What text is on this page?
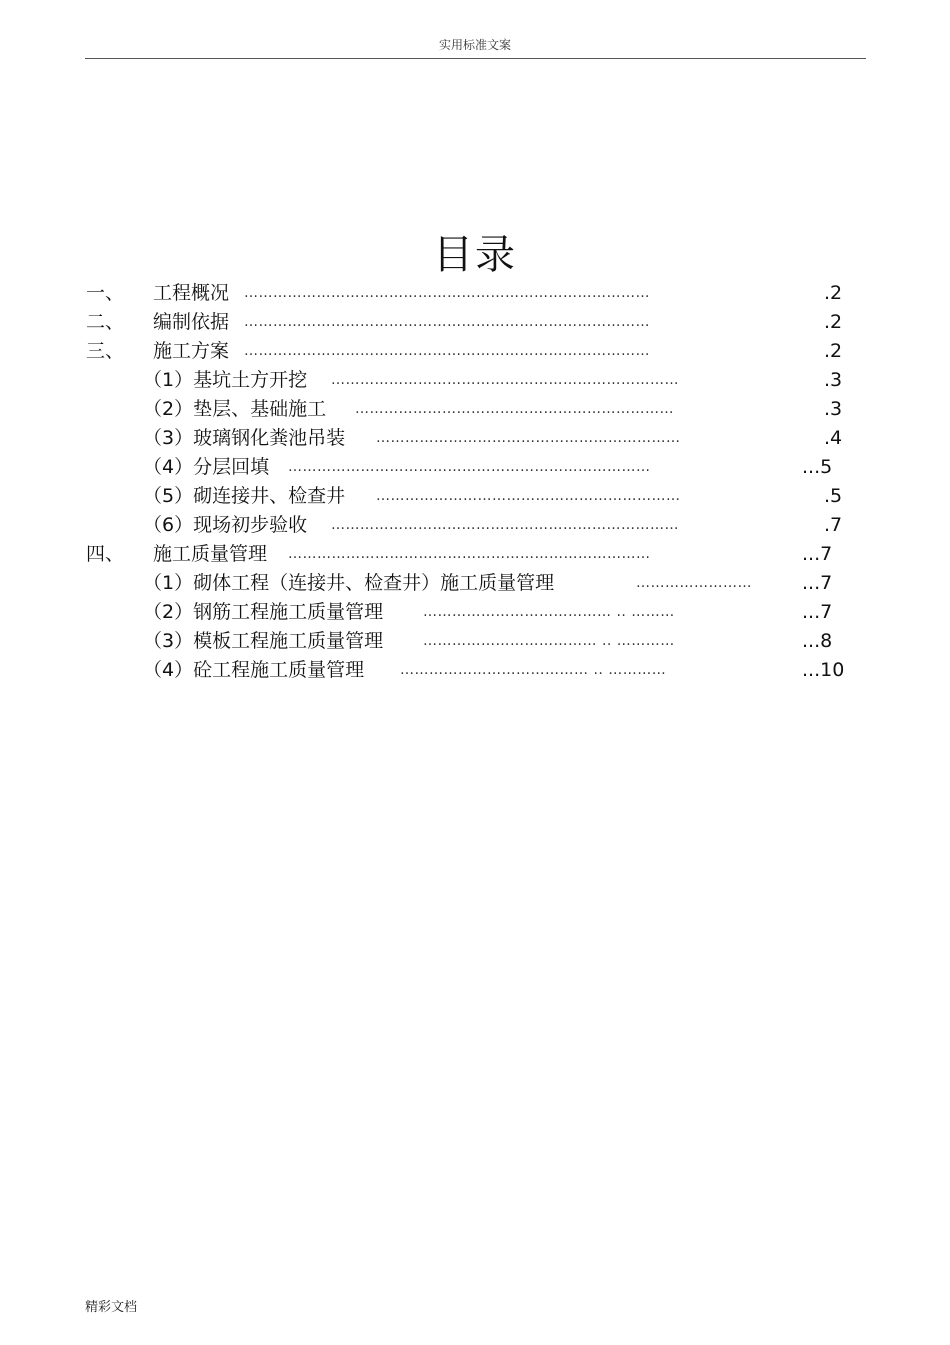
实用标准文案
目录
一、 工程概况 …………………………………………………………………………	.2
二、 编制依据 …………………………………………………………………………	.2
三、 施工方案 …………………………………………………………………………	.2
（1）基坑土方开挖 ………………………………………………………………	.3
（2）垫层、基础施工 …………………………………………………………	.3
（3）玻璃钢化粪池吊装 ………………………………………………………	.4
（4）分层回填 …………………………………………………………………	...5
（5）砌连接井、检查井 ………………………………………………………	.5
（6）现场初步验收 ………………………………………………………………	.7
四、 施工质量管理 …………………………………………………………………	...7
（1）砌体工程（连接井、检查井）施工质量管理	……………………	...7
（2）钢筋工程施工质量管理	………………………………… .. ………	...7
（3）模板工程施工质量管理	……………………………… .. …………	...8
（4）砼工程施工质量管理	………………………………… .. …………	...10
精彩文档
